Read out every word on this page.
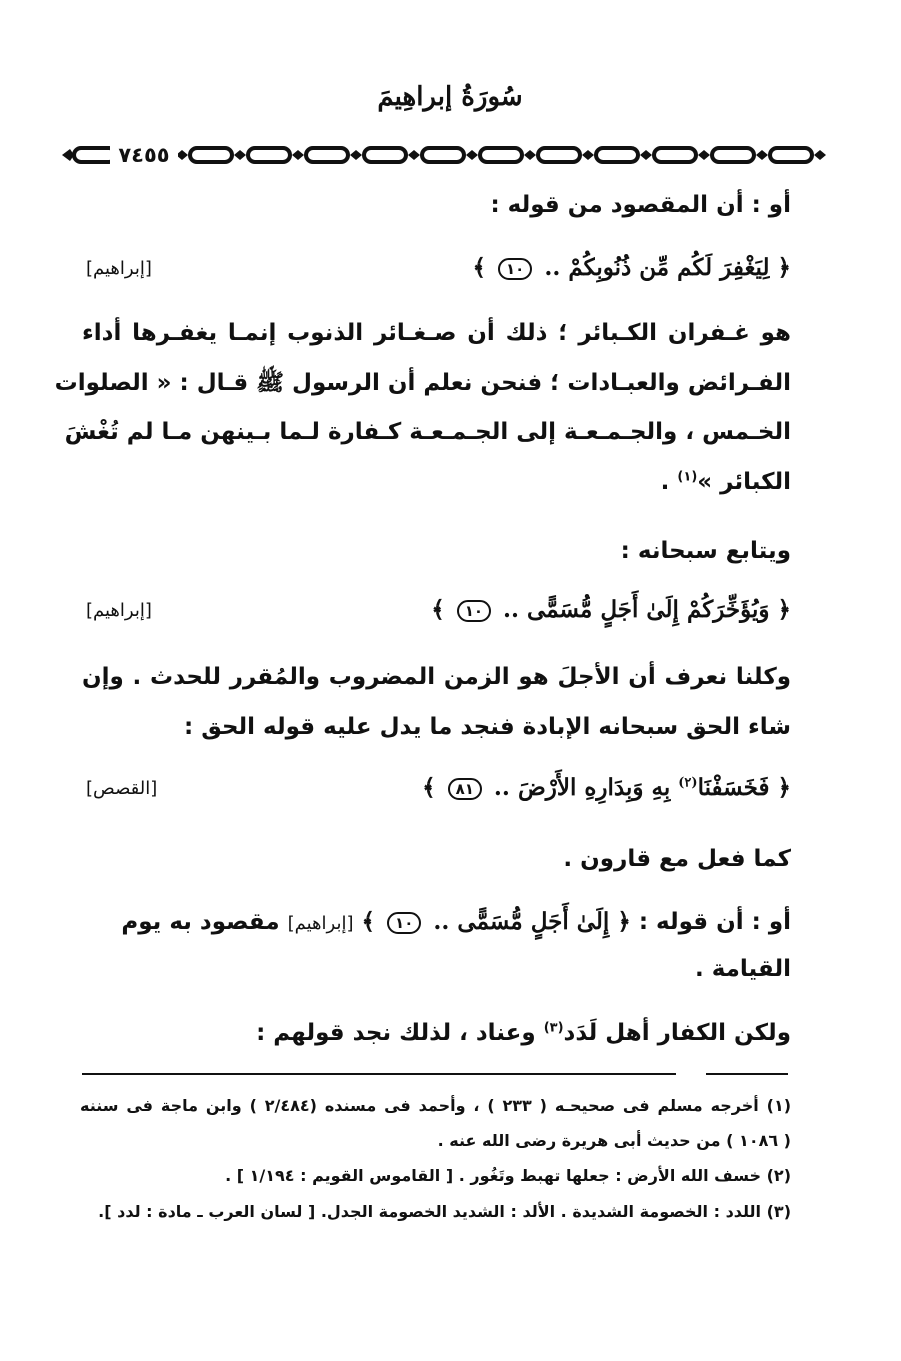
سُورَةُ إبراهِيمَ
٧٤٥٥
أو : أن المقصود من قوله :
﴿ لِيَغْفِرَ لَكُم مِّن ذُنُوبِكُمْ .. ١٠ ﴾
[إبراهيم]
هو غـفران الكـبائر ؛ ذلك أن صـغـائر الذنوب إنمـا يغفـرها أداء
الفـرائض والعبـادات ؛ فنحن نعلم أن الرسول ﷺ قـال : « الصلوات
الخـمس ، والجـمـعـة إلى الجـمـعـة كـفارة لـما بـينهن مـا لم تُغْشَ
الكبائر »$^{(١)}$ .
ويتابع سبحانه :
﴿ وَيُؤَخِّرَكُمْ إِلَىٰ أَجَلٍ مُّسَمًّى .. ١٠ ﴾
[إبراهيم]
وكلنا نعرف أن الأجلَ هو الزمن المضروب والمُقرر للحدث . وإن
شاء الحق سبحانه الإبادة فنجد ما يدل عليه قوله الحق :
﴿ فَخَسَفْنَا$^{(٢)}$ بِهِ وَبِدَارِهِ الأَرْضَ .. ٨١ ﴾
[القصص]
كما فعل مع قارون .
أو : أن قوله : ﴿ إِلَىٰ أَجَلٍ مُّسَمًّى .. ١٠ ﴾ [إبراهيم] مقصود به يوم
القيامة .
ولكن الكفار أهل لَدَد$^{(٣)}$ وعناد ، لذلك نجد قولهم :
(١) أخرجه مسلم فى صحيحـه ( ٢٣٣ ) ، وأحمد فى مسنده (٢/٤٨٤ ) وابن ماجة فى سننه
( ١٠٨٦ ) من حديث أبى هريرة رضى الله عنه .
(٢) خسف الله الأرض : جعلها تهبط وتَغُور . [ القاموس القويم : ١/١٩٤ ] .
(٣) اللدد : الخصومة الشديدة . الألد : الشديد الخصومة الجدل. [ لسان العرب ـ مادة : لدد ].
